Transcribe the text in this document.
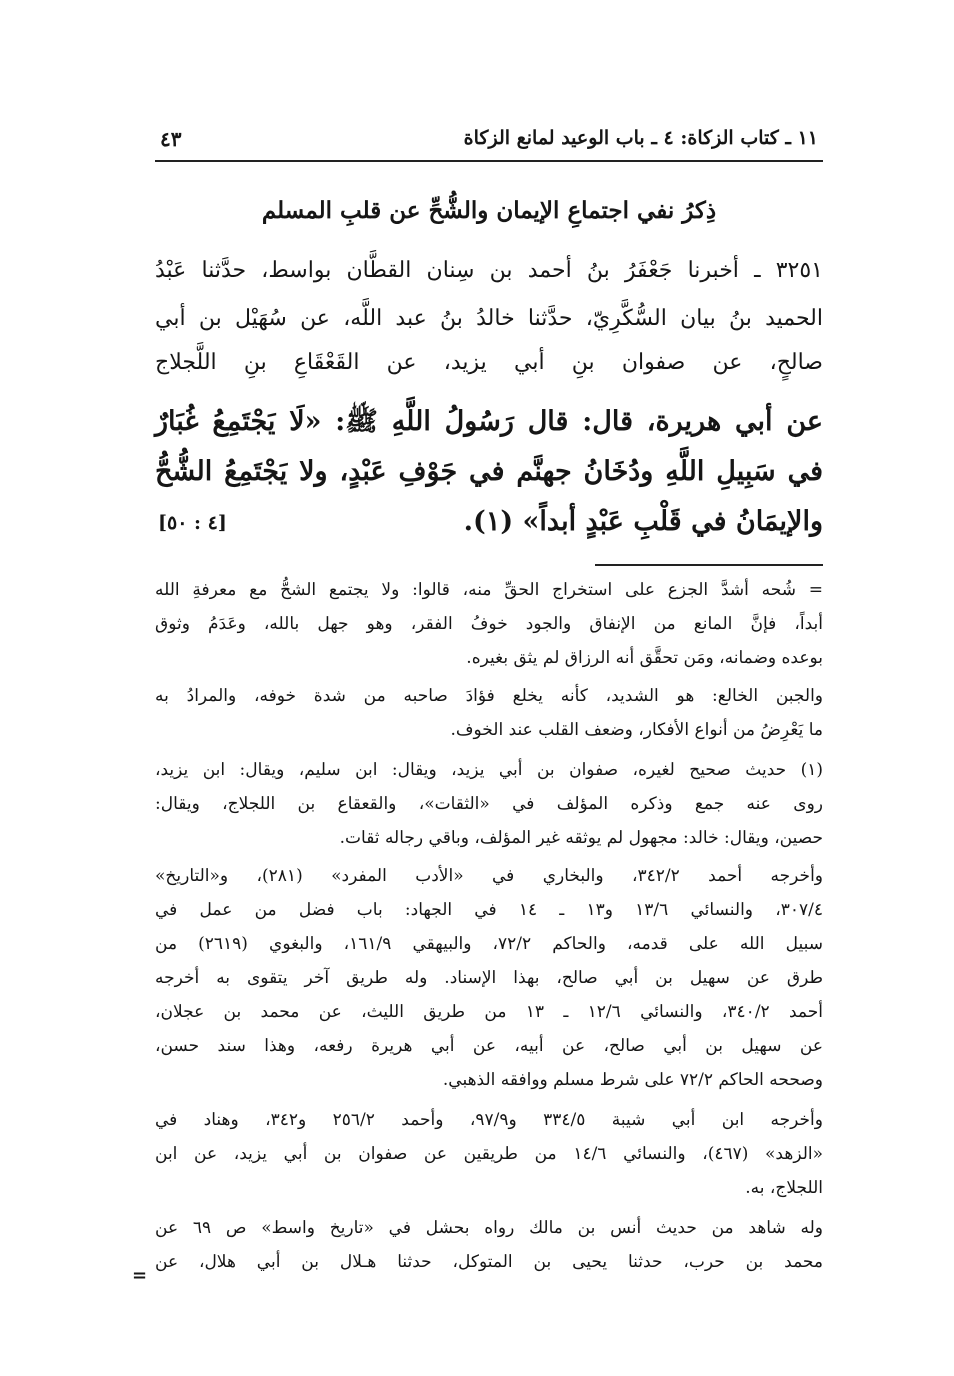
١١ ـ كتاب الزكاة: ٤ ـ باب الوعيد لمانع الزكاة
٤٣
ذِكرُ نفي اجتماعِ الإيمان والشُّحِّ عن قلبِ المسلم
٣٢٥١ ـ أخبرنا جَعْفَرُ بنُ أحمد بن سِنان القطَّان بواسط، حدَّثنا عَبْدُ
الحميد بنُ بيان السُّكَّرِيّ، حدَّثنا خالدُ بنُ عبد اللَّه، عن سُهَيْل بن أبي
صالحٍ، عن صفوان بنِ أبي يزيد، عن القَعْقَاعِ بنِ اللَّجلاج
عن أبي هريرة، قال: قال رَسُولُ اللَّهِ ﷺ: «لَا يَجْتَمِعُ غُبَارٌ
في سَبِيلِ اللَّهِ ودُخَانُ جهنَّم في جَوْفِ عَبْدٍ، ولا يَجْتَمِعُ الشُّحُّ
والإيمَانُ في قَلْبِ عَبْدٍ أبداً» (١).
[٤ : ٥٠]
= شُحه أشدَّ الجزع على استخراج الحقِّ منه، قالوا: ولا يجتمع الشحُّ مع معرفةِ الله
أبداً، فإنَّ المانع من الإنفاق والجود خوفُ الفقر، وهو جهل بالله، وعَدَمُ وثوق
بوعده وضمانه، ومَن تحقَّق أنه الرزاق لم يثق بغيره.
والجبن الخالع: هو الشديد، كأنه يخلع فؤادَ صاحبه من شدة خوفه، والمرادُ به
ما يَعْرِضُ من أنواع الأفكار، وضعف القلب عند الخوف.
(١) حديث صحيح لغيره، صفوان بن أبي يزيد، ويقال: ابن سليم، ويقال: ابن يزيد،
روى عنه جمع وذكره المؤلف في «الثقات»، والقعقاع بن اللجلاج، ويقال:
حصين، ويقال: خالد: مجهول لم يوثقه غير المؤلف، وباقي رجاله ثقات.
وأخرجه أحمد ٣٤٢/٢، والبخاري في «الأدب المفرد» (٢٨١)، و«التاريخ»
٣٠٧/٤، والنسائي ١٣/٦ و١٣ ـ ١٤ في الجهاد: باب فضل من عمل في
سبيل الله على قدمه، والحاكم ٧٢/٢، والبيهقي ١٦١/٩، والبغوي (٢٦١٩) من
طرق عن سهيل بن أبي صالح، بهذا الإسناد. وله طريق آخر يتقوى به أخرجه
أحمد ٣٤٠/٢، والنسائي ١٢/٦ ـ ١٣ من طريق الليث، عن محمد بن عجلان،
عن سهيل بن أبي صالح، عن أبيه، عن أبي هريرة رفعه، وهذا سند حسن،
وصححه الحاكم ٧٢/٢ على شرط مسلم ووافقه الذهبي.
وأخرجه ابن أبي شيبة ٣٣٤/٥ و٩٧/٩، وأحمد ٢٥٦/٢ و٣٤٢، وهناد في
«الزهد» (٤٦٧)، والنسائي ١٤/٦ من طريقين عن صفوان بن أبي يزيد، عن ابن
اللجلاج، به.
وله شاهد من حديث أنس بن مالك رواه بحشل في «تاريخ واسط» ص ٦٩ عن
محمد بن حرب، حدثنا يحيى بن المتوكل، حدثنا هـلال بن أبي هلال، عن
=
